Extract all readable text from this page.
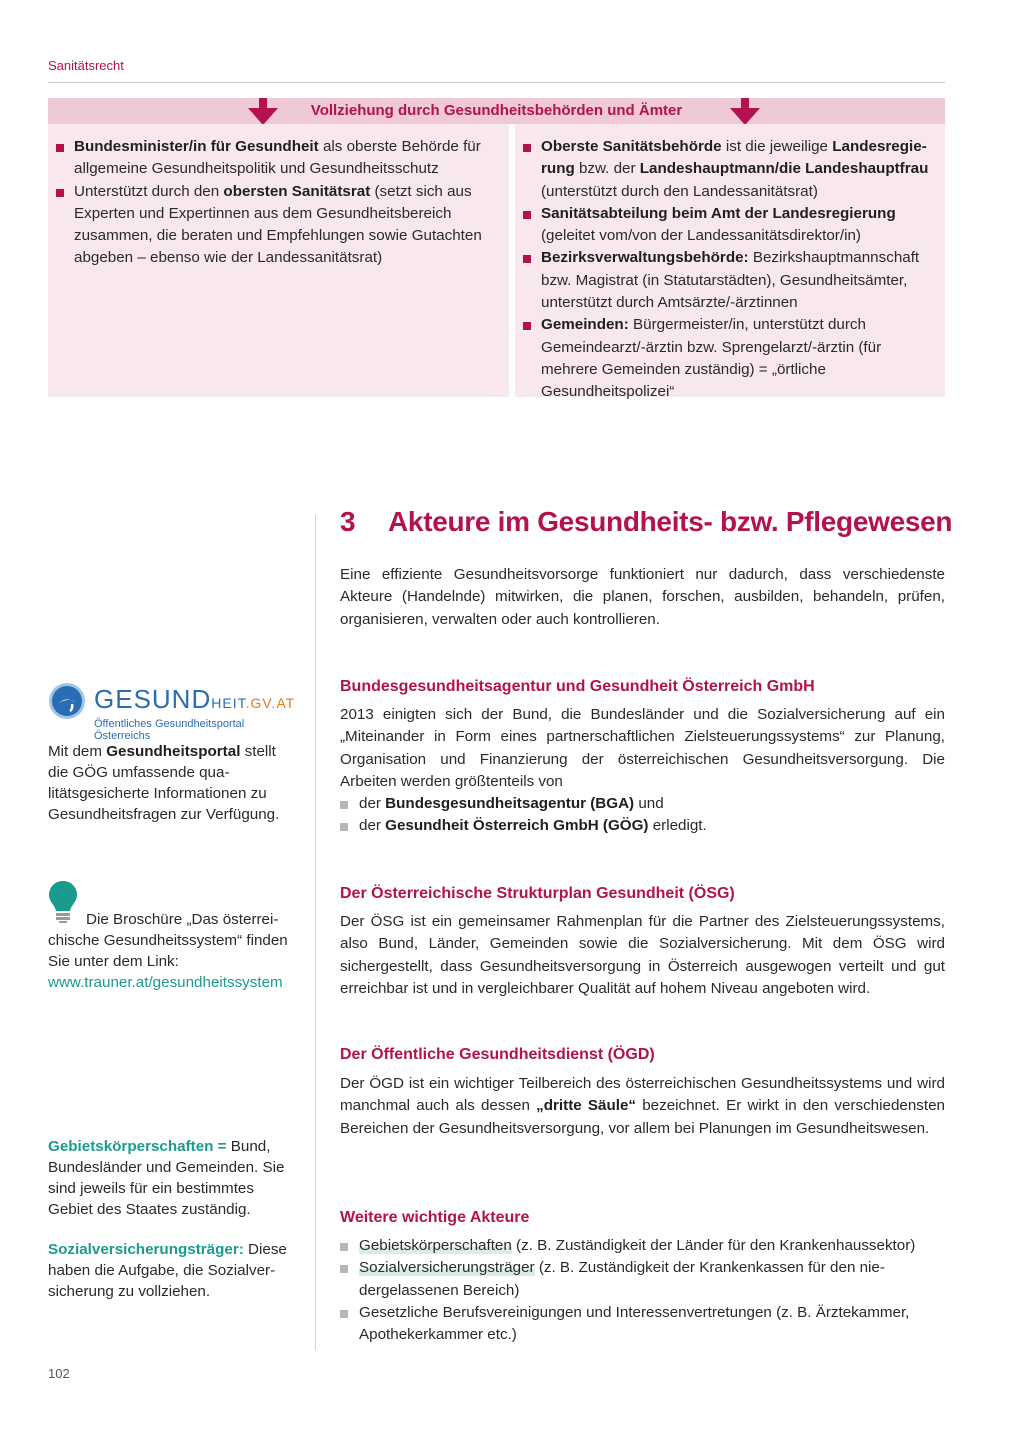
Sanitätsrecht
Vollziehung durch Gesundheitsbehörden und Ämter
Bundesminister/in für Gesundheit als oberste Behörde für allgemeine Gesundheitspolitik und Gesundheitsschutz
Unterstützt durch den obersten Sanitätsrat (setzt sich aus Experten und Expertinnen aus dem Gesundheitsbereich zusammen, die beraten und Empfehlungen sowie Gutachten abgeben – ebenso wie der Landessanitätsrat)
Oberste Sanitätsbehörde ist die jeweilige Landesregierung bzw. der Landeshauptmann/die Landeshauptfrau (unterstützt durch den Landessanitätsrat)
Sanitätsabteilung beim Amt der Landesregierung (geleitet vom/von der Landessanitätsdirektor/in)
Bezirksverwaltungsbehörde: Bezirkshauptmannschaft bzw. Magistrat (in Statutarstädten), Gesundheitsämter, unterstützt durch Amtsärzte/-ärztinnen
Gemeinden: Bürgermeister/in, unterstützt durch Gemeindearzt/-ärztin bzw. Sprengelarzt/-ärztin (für mehrere Gemeinden zuständig) = „örtliche Gesundheitspolizei“
3 Akteure im Gesundheits- bzw. Pflegewesen
Eine effiziente Gesundheitsvorsorge funktioniert nur dadurch, dass verschiedenste Akteure (Handelnde) mitwirken, die planen, forschen, ausbilden, behandeln, prüfen, organisieren, verwalten oder auch kontrollieren.
Bundesgesundheitsagentur und Gesundheit Österreich GmbH
2013 einigten sich der Bund, die Bundesländer und die Sozialversicherung auf ein „Miteinander in Form eines partnerschaftlichen Zielsteuerungssystems“ zur Planung, Organisation und Finanzierung der österreichischen Gesundheitsversorgung. Die Arbeiten werden größtenteils von
der Bundesgesundheitsagentur (BGA) und
der Gesundheit Österreich GmbH (GÖG) erledigt.
Der Österreichische Strukturplan Gesundheit (ÖSG)
Der ÖSG ist ein gemeinsamer Rahmenplan für die Partner des Zielsteuerungssystems, also Bund, Länder, Gemeinden sowie die Sozialversicherung. Mit dem ÖSG wird sichergestellt, dass Gesundheitsversorgung in Österreich ausgewogen verteilt und gut erreichbar ist und in vergleichbarer Qualität auf hohem Niveau angeboten wird.
Der Öffentliche Gesundheitsdienst (ÖGD)
Der ÖGD ist ein wichtiger Teilbereich des österreichischen Gesundheitssystems und wird manchmal auch als dessen „dritte Säule“ bezeichnet. Er wirkt in den verschiedensten Bereichen der Gesundheitsversorgung, vor allem bei Planungen im Gesundheitswesen.
Weitere wichtige Akteure
Gebietskörperschaften (z. B. Zuständigkeit der Länder für den Krankenhaussektor)
Sozialversicherungsträger (z. B. Zuständigkeit der Krankenkassen für den niedergelassenen Bereich)
Gesetzliche Berufsvereinigungen und Interessenvertretungen (z. B. Ärztekammer, Apothekerkammer etc.)
GESUNDHEIT.GV.AT
Öffentliches Gesundheitsportal Österreichs
Mit dem Gesundheitsportal stellt die GÖG umfassende qualitätsgesicherte Informationen zu Gesundheitsfragen zur Verfügung.
Die Broschüre „Das österreichische Gesundheitssystem“ finden Sie unter dem Link:
www.trauner.at/gesundheitssystem
Gebietskörperschaften = Bund, Bundesländer und Gemeinden. Sie sind jeweils für ein bestimmtes Gebiet des Staates zuständig.
Sozialversicherungsträger: Diese haben die Aufgabe, die Sozialversicherung zu vollziehen.
102
